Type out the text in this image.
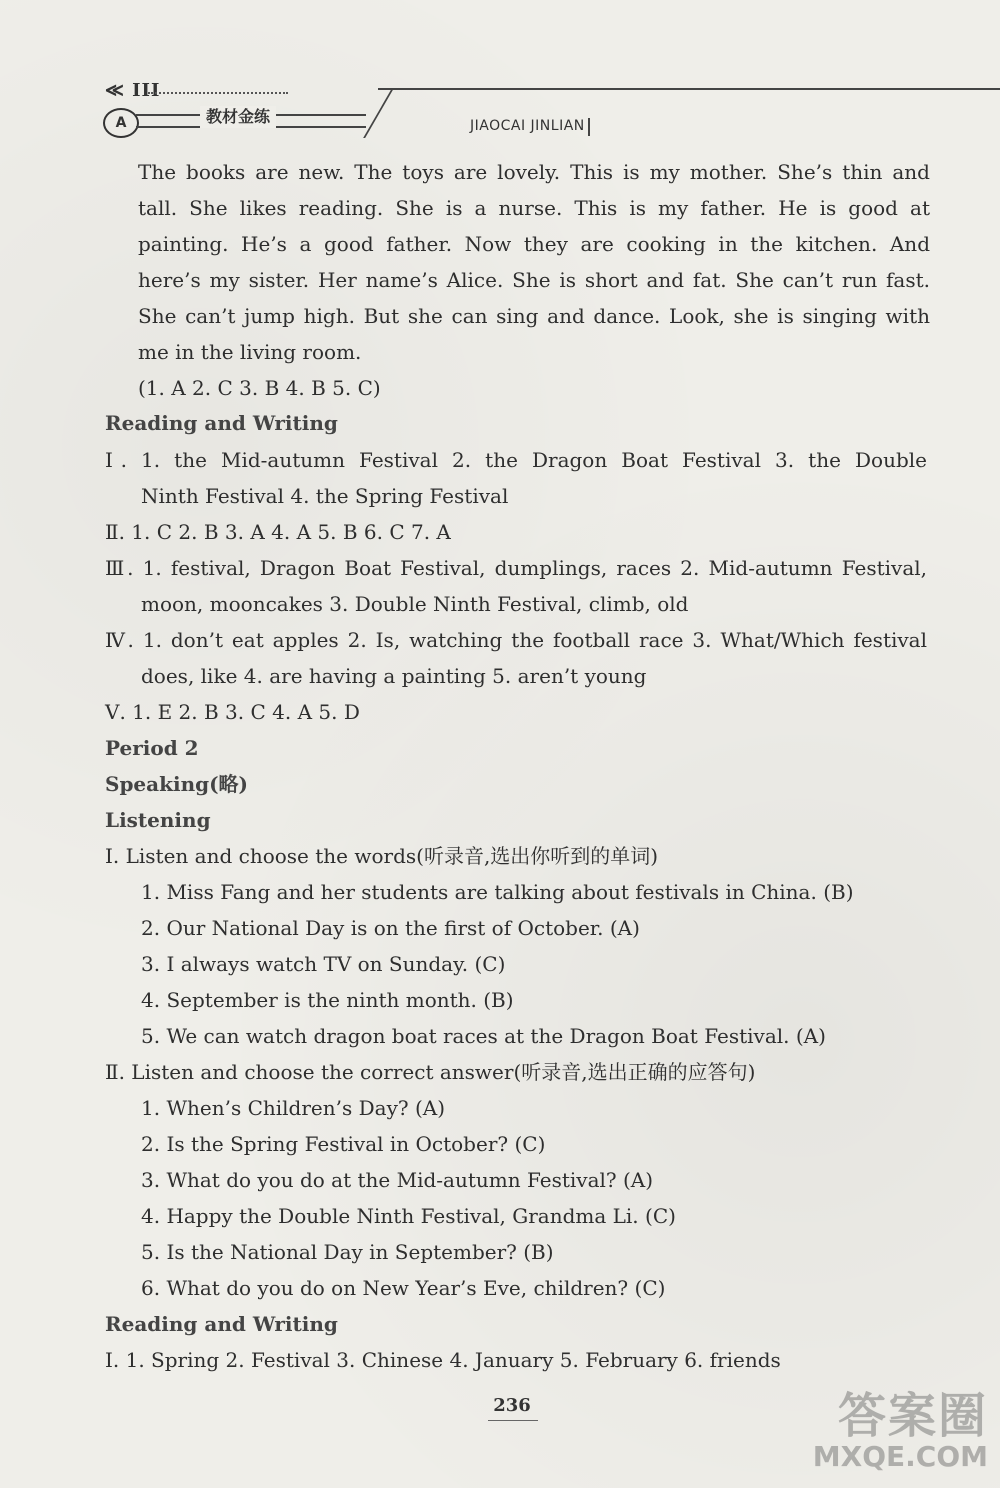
≪ III
A	教材金练	JIAOCAI JINLIAN
The books are new. The toys are lovely. This is my mother. She’s thin and
tall. She likes reading. She is a nurse. This is my father. He is good at
painting. He’s a good father. Now they are cooking in the kitchen. And
here’s my sister. Her name’s Alice. She is short and fat. She can’t run fast.
She can’t jump high. But she can sing and dance. Look, she is singing with
me in the living room.
(1. A 2. C 3. B 4. B 5. C)
Reading and Writing
Ⅰ. 1. the Mid-autumn Festival 2. the Dragon Boat Festival 3. the Double
Ninth Festival 4. the Spring Festival
Ⅱ. 1. C 2. B 3. A 4. A 5. B 6. C 7. A
Ⅲ. 1. festival, Dragon Boat Festival, dumplings, races 2. Mid-autumn Festival,
moon, mooncakes 3. Double Ninth Festival, climb, old
Ⅳ. 1. don’t eat apples 2. Is, watching the football race 3. What/Which festival
does, like 4. are having a painting 5. aren’t young
Ⅴ. 1. E 2. B 3. C 4. A 5. D
Period 2
Speaking(略)
Listening
Ⅰ. Listen and choose the words(听录音,选出你听到的单词)
1. Miss Fang and her students are talking about festivals in China. (B)
2. Our National Day is on the first of October. (A)
3. I always watch TV on Sunday. (C)
4. September is the ninth month. (B)
5. We can watch dragon boat races at the Dragon Boat Festival. (A)
Ⅱ. Listen and choose the correct answer(听录音,选出正确的应答句)
1. When’s Children’s Day? (A)
2. Is the Spring Festival in October? (C)
3. What do you do at the Mid-autumn Festival? (A)
4. Happy the Double Ninth Festival, Grandma Li. (C)
5. Is the National Day in September? (B)
6. What do you do on New Year’s Eve, children? (C)
Reading and Writing
Ⅰ. 1. Spring 2. Festival 3. Chinese 4. January 5. February 6. friends
236	答案圈
MXQE.COM
